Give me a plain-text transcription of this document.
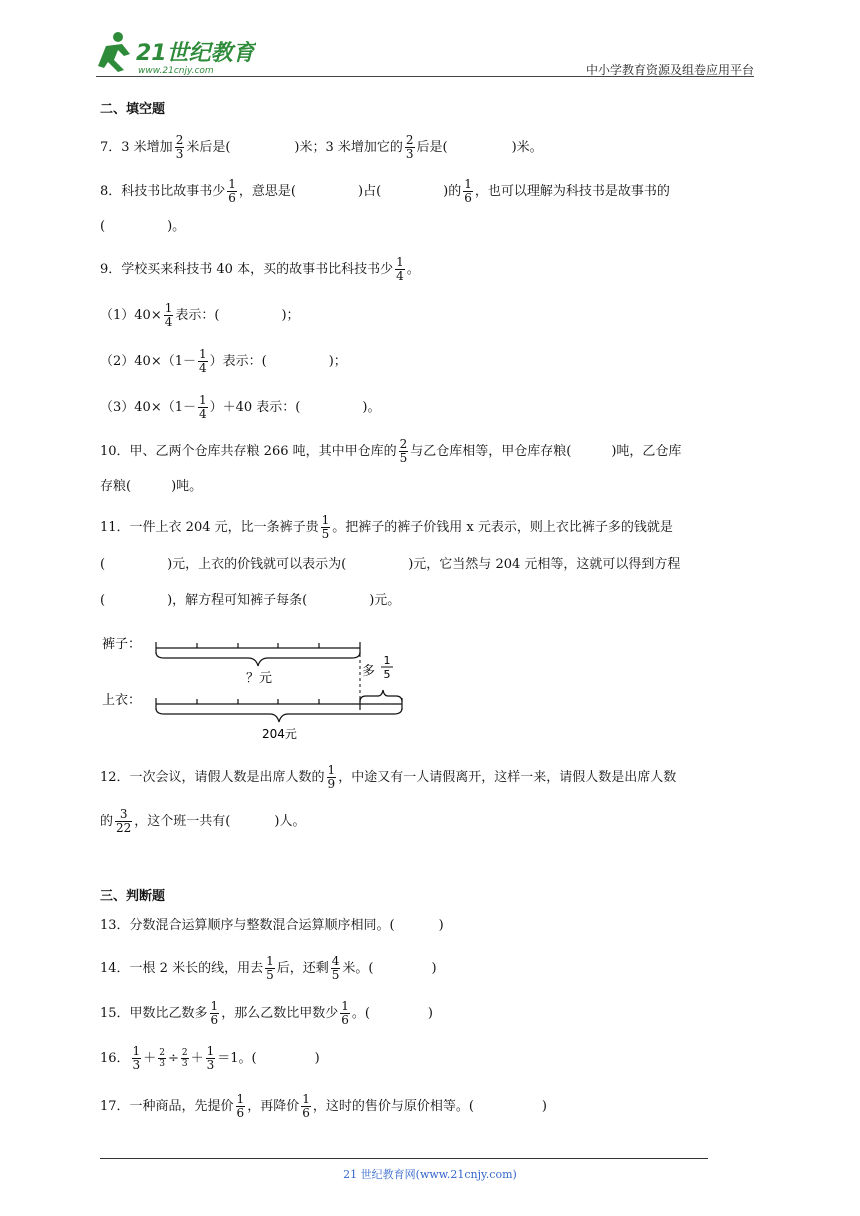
21世纪教育
www.21cnjy.com	中小学教育资源及组卷应用平台
二、填空题
7．3 米增加 $\frac{2}{3}$ 米后是(	)米；3 米增加它的 $\frac{2}{3}$ 后是(	)米。
8．科技书比故事书少 $\frac{1}{6}$ ，意思是(	)占(	)的 $\frac{1}{6}$ ，也可以理解为科技书是故事书的
(	)。
9．学校买来科技书 40 本，买的故事书比科技书少 $\frac{1}{4}$ 。
$(1)40\times \frac{1}{4}$ 表示：(	)；
$(2)40\times(1- \frac{1}{4}$ ）表示：(	)；
$(3)40\times(1- \frac{1}{4} )+40$ 表示：(	)。
10．甲、乙两个仓库共存粮 266 吨，其中甲仓库的 $\frac{2}{5}$ 与乙仓库相等，甲仓库存粮(	)吨，乙仓库
存粮(	)吨。
11．一件上衣 204 元，比一条裤子贵 $\frac{1}{5}$ 。把裤子的裤子价钱用 x 元表示，则上衣比裤子多的钱就是
(	)元，上衣的价钱就可以表示为(	)元，它当然与 204 元相等，这就可以得到方程
(	)，解方程可知裤子每条(	)元。
裤子：
？元	多
1
5
上衣：
204元
12．一次会议，请假人数是出席人数的 $\frac{1}{9}$ ，中途又有一人请假离开，这样一来，请假人数是出席人数
的 $\frac{3}{22}$ ，这个班一共有(	)人。
三、判断题
13．分数混合运算顺序与整数混合运算顺序相同。(	)
14．一根 2 米长的线，用去 $\frac{1}{5}$ 后，还剩 $\frac{4}{5}$ 米。(	)
15．甲数比乙数多 $\frac{1}{6}$ ，那么乙数比甲数少 $\frac{1}{6}$ 。(	)
16． $\frac{1}{3} + \frac{2}{3} \div \frac{2}{3} + \frac{1}{3} =1$。(	)
17．一种商品，先提价 $\frac{1}{6}$ ，再降价 $\frac{1}{6}$ ，这时的售价与原价相等。(	)
21 世纪教育网(www.21cnjy.com)
